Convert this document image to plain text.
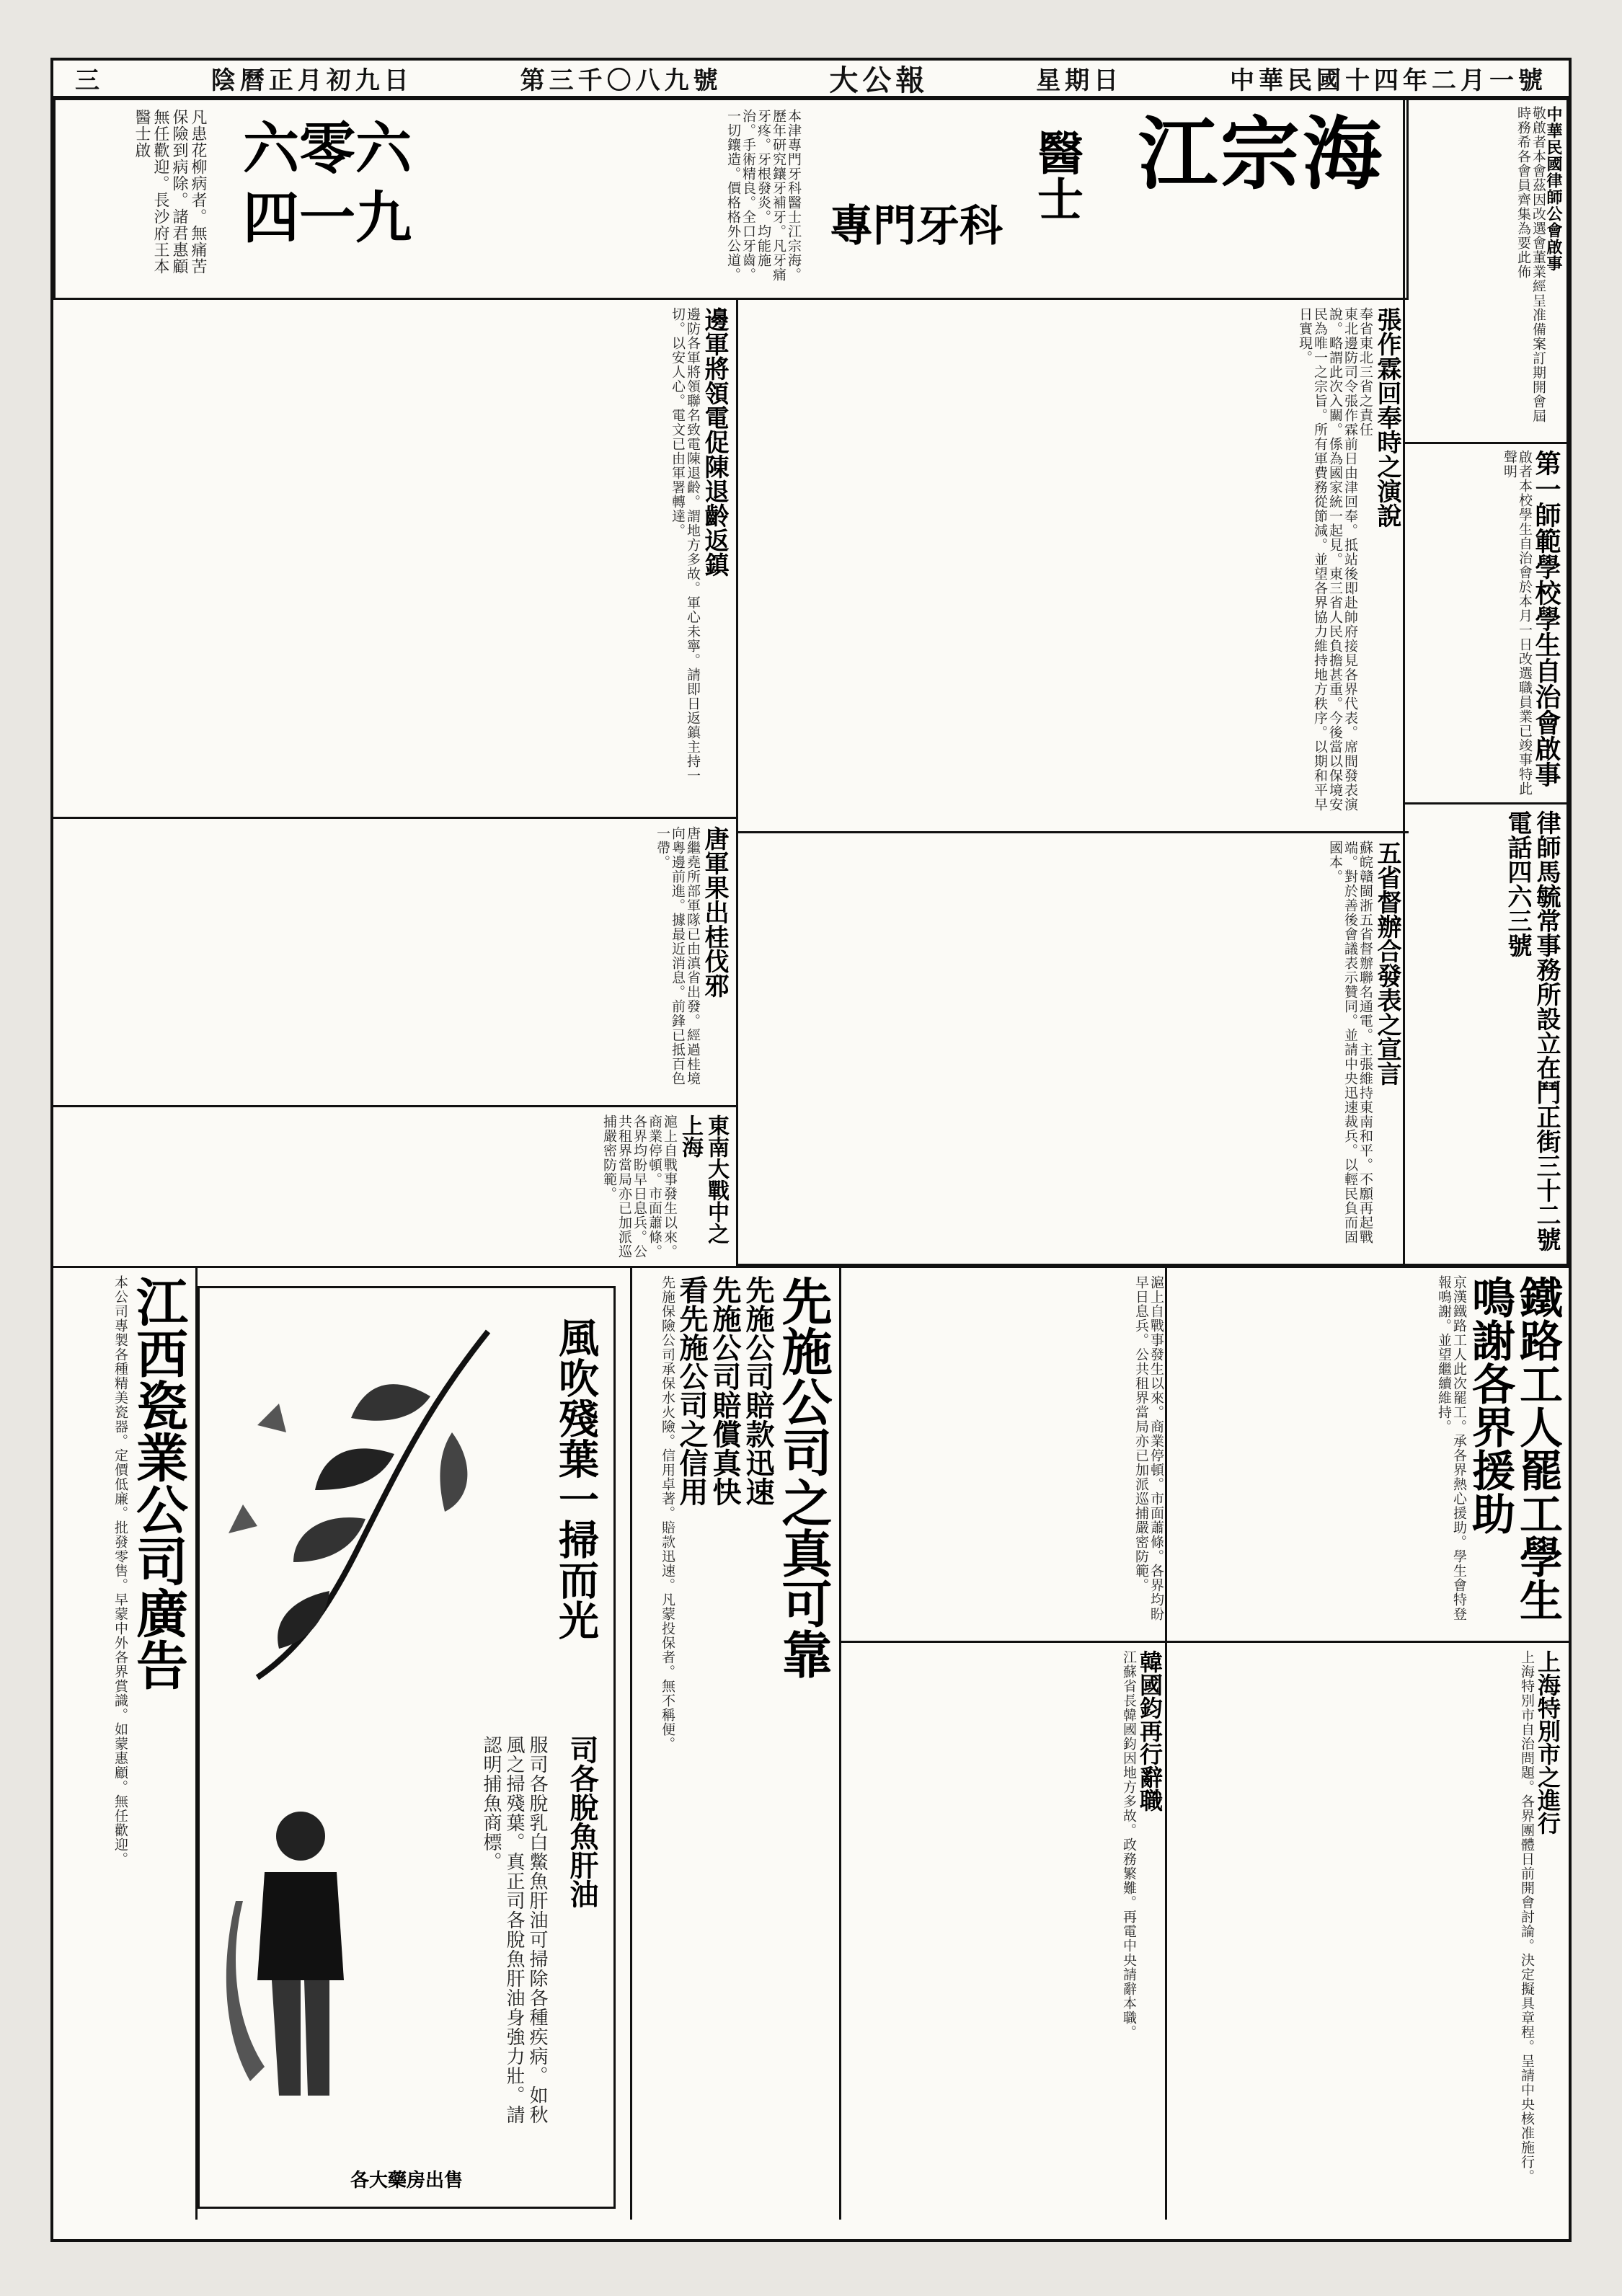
三	陰曆正月初九日	第三千〇八九號	大公報	星期日	中華民國十四年二月一號
中華民國律師公會啟事
敬啟者本會茲因改選會董業經呈准備案訂期開會屆時務希各會員齊集為要此佈
第一師範學校學生自治會啟事
啟者本校學生自治會於本月一日改選職員業已竣事特此聲明
律師馬毓常事務所設立在鬥正街三十二號電話四六三號
江宗海
專門牙科
醫士
本津專門牙科醫士江宗海。歷年研究鑲牙補牙。凡牙痛牙疼。牙根發炎。均能施治。手術精良。全口牙齒。一切鑲造。價格格外公道。
六零六
四一九
凡患花柳病者。無痛苦保險到病除。諸君惠顧無任歡迎。長沙府王本醫士啟
張作霖回奉時之演說
奉省東北三省之責任
東北邊防司令張作霖前日由津回奉。抵站後即赴帥府接見各界代表。席間發表演說。略謂此次入關。係為國家統一起見。東三省人民負擔甚重。今後當以保境安民為唯一之宗旨。所有軍費務從節減。並望各界協力維持地方秩序。以期和平早日實現。
五省督辦合發表之宣言
蘇皖贛閩浙五省督辦聯名通電。主張維持東南和平。不願再起戰端。對於善後會議表示贊同。並請中央迅速裁兵。以輕民負而固國本。
邊軍將領電促陳退齡返鎮
邊防各軍將領聯名致電陳退齡。謂地方多故。軍心未寧。請即日返鎮主持一切。以安人心。電文已由軍署轉達。
唐軍果出桂伐邪
唐繼堯所部軍隊已由滇省出發。經過桂境向粵邊前進。據最近消息。前鋒已抵百色一帶。
東南大戰中之上海
滬上自戰事發生以來。商業停頓。市面蕭條。各界均盼早日息兵。公共租界當局亦已加派巡捕嚴密防範。
鐵路工人罷工學生鳴謝各界援助
京漢鐵路工人此次罷工。承各界熱心援助。學生會特登報鳴謝。並望繼續維持。
上海特別市之進行
上海特別市自治問題。各界團體日前開會討論。決定擬具章程。呈請中央核准施行。
韓國鈞再行辭職
江蘇省長韓國鈞因地方多故。政務繁難。再電中央請辭本職。
滬上自戰事發生以來。商業停頓。市面蕭條。各界均盼早日息兵。公共租界當局亦已加派巡捕嚴密防範。
先施公司之真可靠
先施公司賠款迅速
先施公司賠償真快
看先施公司之信用
先施保險公司承保水火險。信用卓著。賠款迅速。凡蒙投保者。無不稱便。
風吹殘葉一掃而光
司各脫魚肝油
服司各脫乳白鱉魚肝油可掃除各種疾病。如秋風之掃殘葉。真正司各脫魚肝油身強力壯。請認明捕魚商標。
各大藥房出售
江西瓷業公司廣告
本公司專製各種精美瓷器。定價低廉。批發零售。早蒙中外各界賞識。如蒙惠顧。無任歡迎。
